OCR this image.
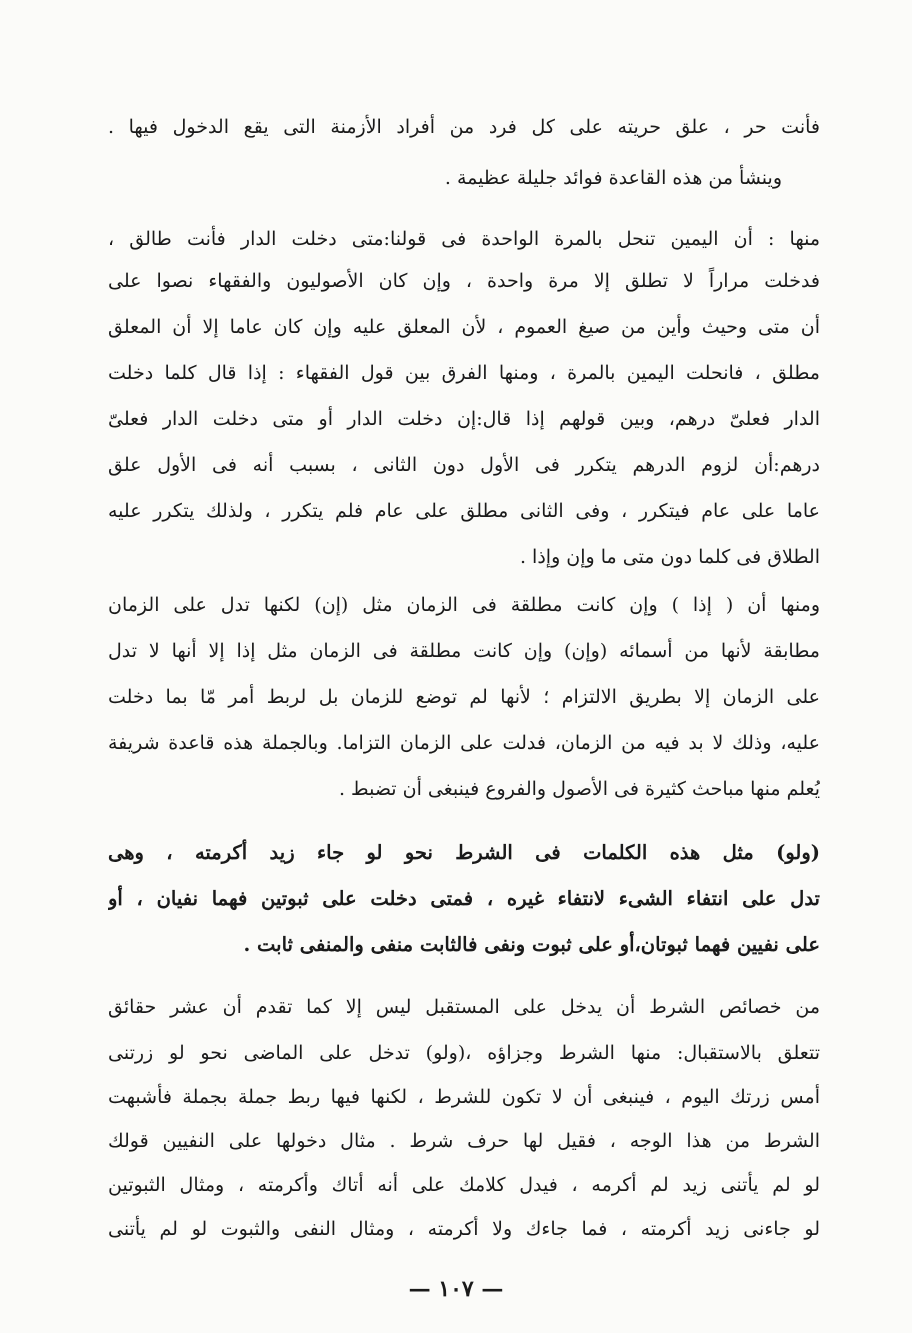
فأنت حر ، علق حريته على كل فرد من أفراد الأزمنة التى يقع الدخول فيها .
وينشأ من هذه القاعدة فوائد جليلة عظيمة .
منها : أن اليمين تنحل بالمرة الواحدة فى قولنا:متى دخلت الدار فأنت طالق ،
فدخلت مراراً لا تطلق إلا مرة واحدة ، وإن كان الأصوليون والفقهاء نصوا على
أن متى وحيث وأين من صيغ العموم ، لأن المعلق عليه وإن كان عاما إلا أن المعلق
مطلق ، فانحلت اليمين بالمرة ، ومنها الفرق بين قول الفقهاء : إذا قال كلما دخلت
الدار فعلىّ درهم، وبين قولهم إذا قال:إن دخلت الدار أو متى دخلت الدار فعلىّ
درهم:أن لزوم الدرهم يتكرر فى الأول دون الثانى ، بسبب أنه فى الأول علق
عاما على عام فيتكرر ، وفى الثانى مطلق على عام فلم يتكرر ، ولذلك يتكرر عليه
الطلاق فى كلما دون متى ما وإن وإذا .
ومنها أن ( إذا ) وإن كانت مطلقة فى الزمان مثل (إن) لكنها تدل على الزمان
مطابقة لأنها من أسمائه (وإن) وإن كانت مطلقة فى الزمان مثل إذا إلا أنها لا تدل
على الزمان إلا بطريق الالتزام ؛ لأنها لم توضع للزمان بل لربط أمر مّا بما دخلت
عليه، وذلك لا بد فيه من الزمان، فدلت على الزمان التزاما. وبالجملة هذه قاعدة شريفة
يُعلم منها مباحث كثيرة فى الأصول والفروع فينبغى أن تضبط .
(ولو) مثل هذه الكلمات فى الشرط نحو لو جاء زيد أكرمته ، وهى
تدل على انتفاء الشىء لانتفاء غيره ، فمتى دخلت على ثبوتين فهما نفيان ، أو
على نفيين فهما ثبوتان،أو على ثبوت ونفى فالثابت منفى والمنفى ثابت .
من خصائص الشرط أن يدخل على المستقبل ليس إلا كما تقدم أن عشر حقائق
تتعلق بالاستقبال: منها الشرط وجزاؤه ،(ولو) تدخل على الماضى نحو لو زرتنى
أمس زرتك اليوم ، فينبغى أن لا تكون للشرط ، لكنها فيها ربط جملة بجملة فأشبهت
الشرط من هذا الوجه ، فقيل لها حرف شرط . مثال دخولها على النفيين قولك
لو لم يأتنى زيد لم أكرمه ، فيدل كلامك على أنه أتاك وأكرمته ، ومثال الثبوتين
لو جاءنى زيد أكرمته ، فما جاءك ولا أكرمته ، ومثال النفى والثبوت لو لم يأتنى
— ١٠٧ —
